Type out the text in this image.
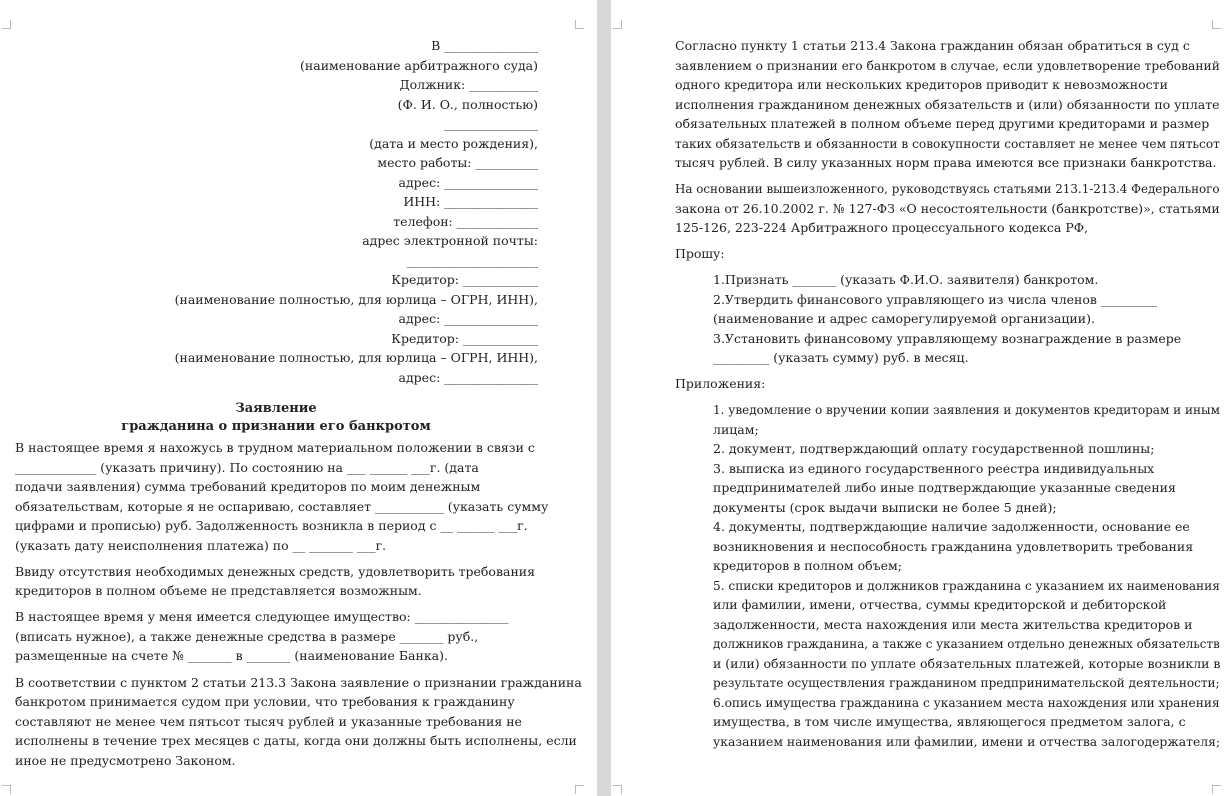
В _______________
(наименование арбитражного суда)
Должник: ___________
(Ф. И. О., полностью)
_______________
(дата и место рождения),
место работы: __________
адрес: _______________
ИНН: _______________
телефон: _____________
адрес электронной почты:
_____________________
Кредитор: ____________
(наименование полностью, для юрлица – ОГРН, ИНН),
адрес: _______________
Кредитор: ____________
(наименование полностью, для юрлица – ОГРН, ИНН),
адрес: _______________
Заявление
гражданина о признании его банкротом
В настоящее время я нахожусь в трудном материальном положении в связи с
_____________ (указать причину). По состоянию на ___ ______ ___г. (дата
подачи заявления) сумма требований кредиторов по моим денежным
обязательствам, которые я не оспариваю, составляет ___________ (указать сумму
цифрами и прописью) руб. Задолженность возникла в период с __ ______ ___г.
(указать дату неисполнения платежа) по __ _______ ___г.
Ввиду отсутствия необходимых денежных средств, удовлетворить требования
кредиторов в полном объеме не представляется возможным.
В настоящее время у меня имеется следующее имущество: _______________
(вписать нужное), а также денежные средства в размере _______ руб.,
размещенные на счете № _______ в _______ (наименование Банка).
В соответствии с пунктом 2 статьи 213.3 Закона заявление о признании гражданина
банкротом принимается судом при условии, что требования к гражданину
составляют не менее чем пятьсот тысяч рублей и указанные требования не
исполнены в течение трех месяцев с даты, когда они должны быть исполнены, если
иное не предусмотрено Законом.
Согласно пункту 1 статьи 213.4 Закона гражданин обязан обратиться в суд с
заявлением о признании его банкротом в случае, если удовлетворение требований
одного кредитора или нескольких кредиторов приводит к невозможности
исполнения гражданином денежных обязательств и (или) обязанности по уплате
обязательных платежей в полном объеме перед другими кредиторами и размер
таких обязательств и обязанности в совокупности составляет не менее чем пятьсот
тысяч рублей. В силу указанных норм права имеются все признаки банкротства.
На основании вышеизложенного, руководствуясь статьями 213.1-213.4 Федерального
закона от 26.10.2002 г. № 127-ФЗ «О несостоятельности (банкротстве)», статьями
125-126, 223-224 Арбитражного процессуального кодекса РФ,
Прошу:
1.Признать _______ (указать Ф.И.О. заявителя) банкротом.
2.Утвердить финансового управляющего из числа членов _________
(наименование и адрес саморегулируемой организации).
3.Установить финансовому управляющему вознаграждение в размере
_________ (указать сумму) руб. в месяц.
Приложения:
1. уведомление о вручении копии заявления и документов кредиторам и иным
лицам;
2. документ, подтверждающий оплату государственной пошлины;
3. выписка из единого государственного реестра индивидуальных
предпринимателей либо иные подтверждающие указанные сведения
документы (срок выдачи выписки не более 5 дней);
4. документы, подтверждающие наличие задолженности, основание ее
возникновения и неспособность гражданина удовлетворить требования
кредиторов в полном объем;
5. списки кредиторов и должников гражданина с указанием их наименования
или фамилии, имени, отчества, суммы кредиторской и дебиторской
задолженности, места нахождения или места жительства кредиторов и
должников гражданина, а также с указанием отдельно денежных обязательств
и (или) обязанности по уплате обязательных платежей, которые возникли в
результате осуществления гражданином предпринимательской деятельности;
6.опись имущества гражданина с указанием места нахождения или хранения
имущества, в том числе имущества, являющегося предметом залога, с
указанием наименования или фамилии, имени и отчества залогодержателя;
